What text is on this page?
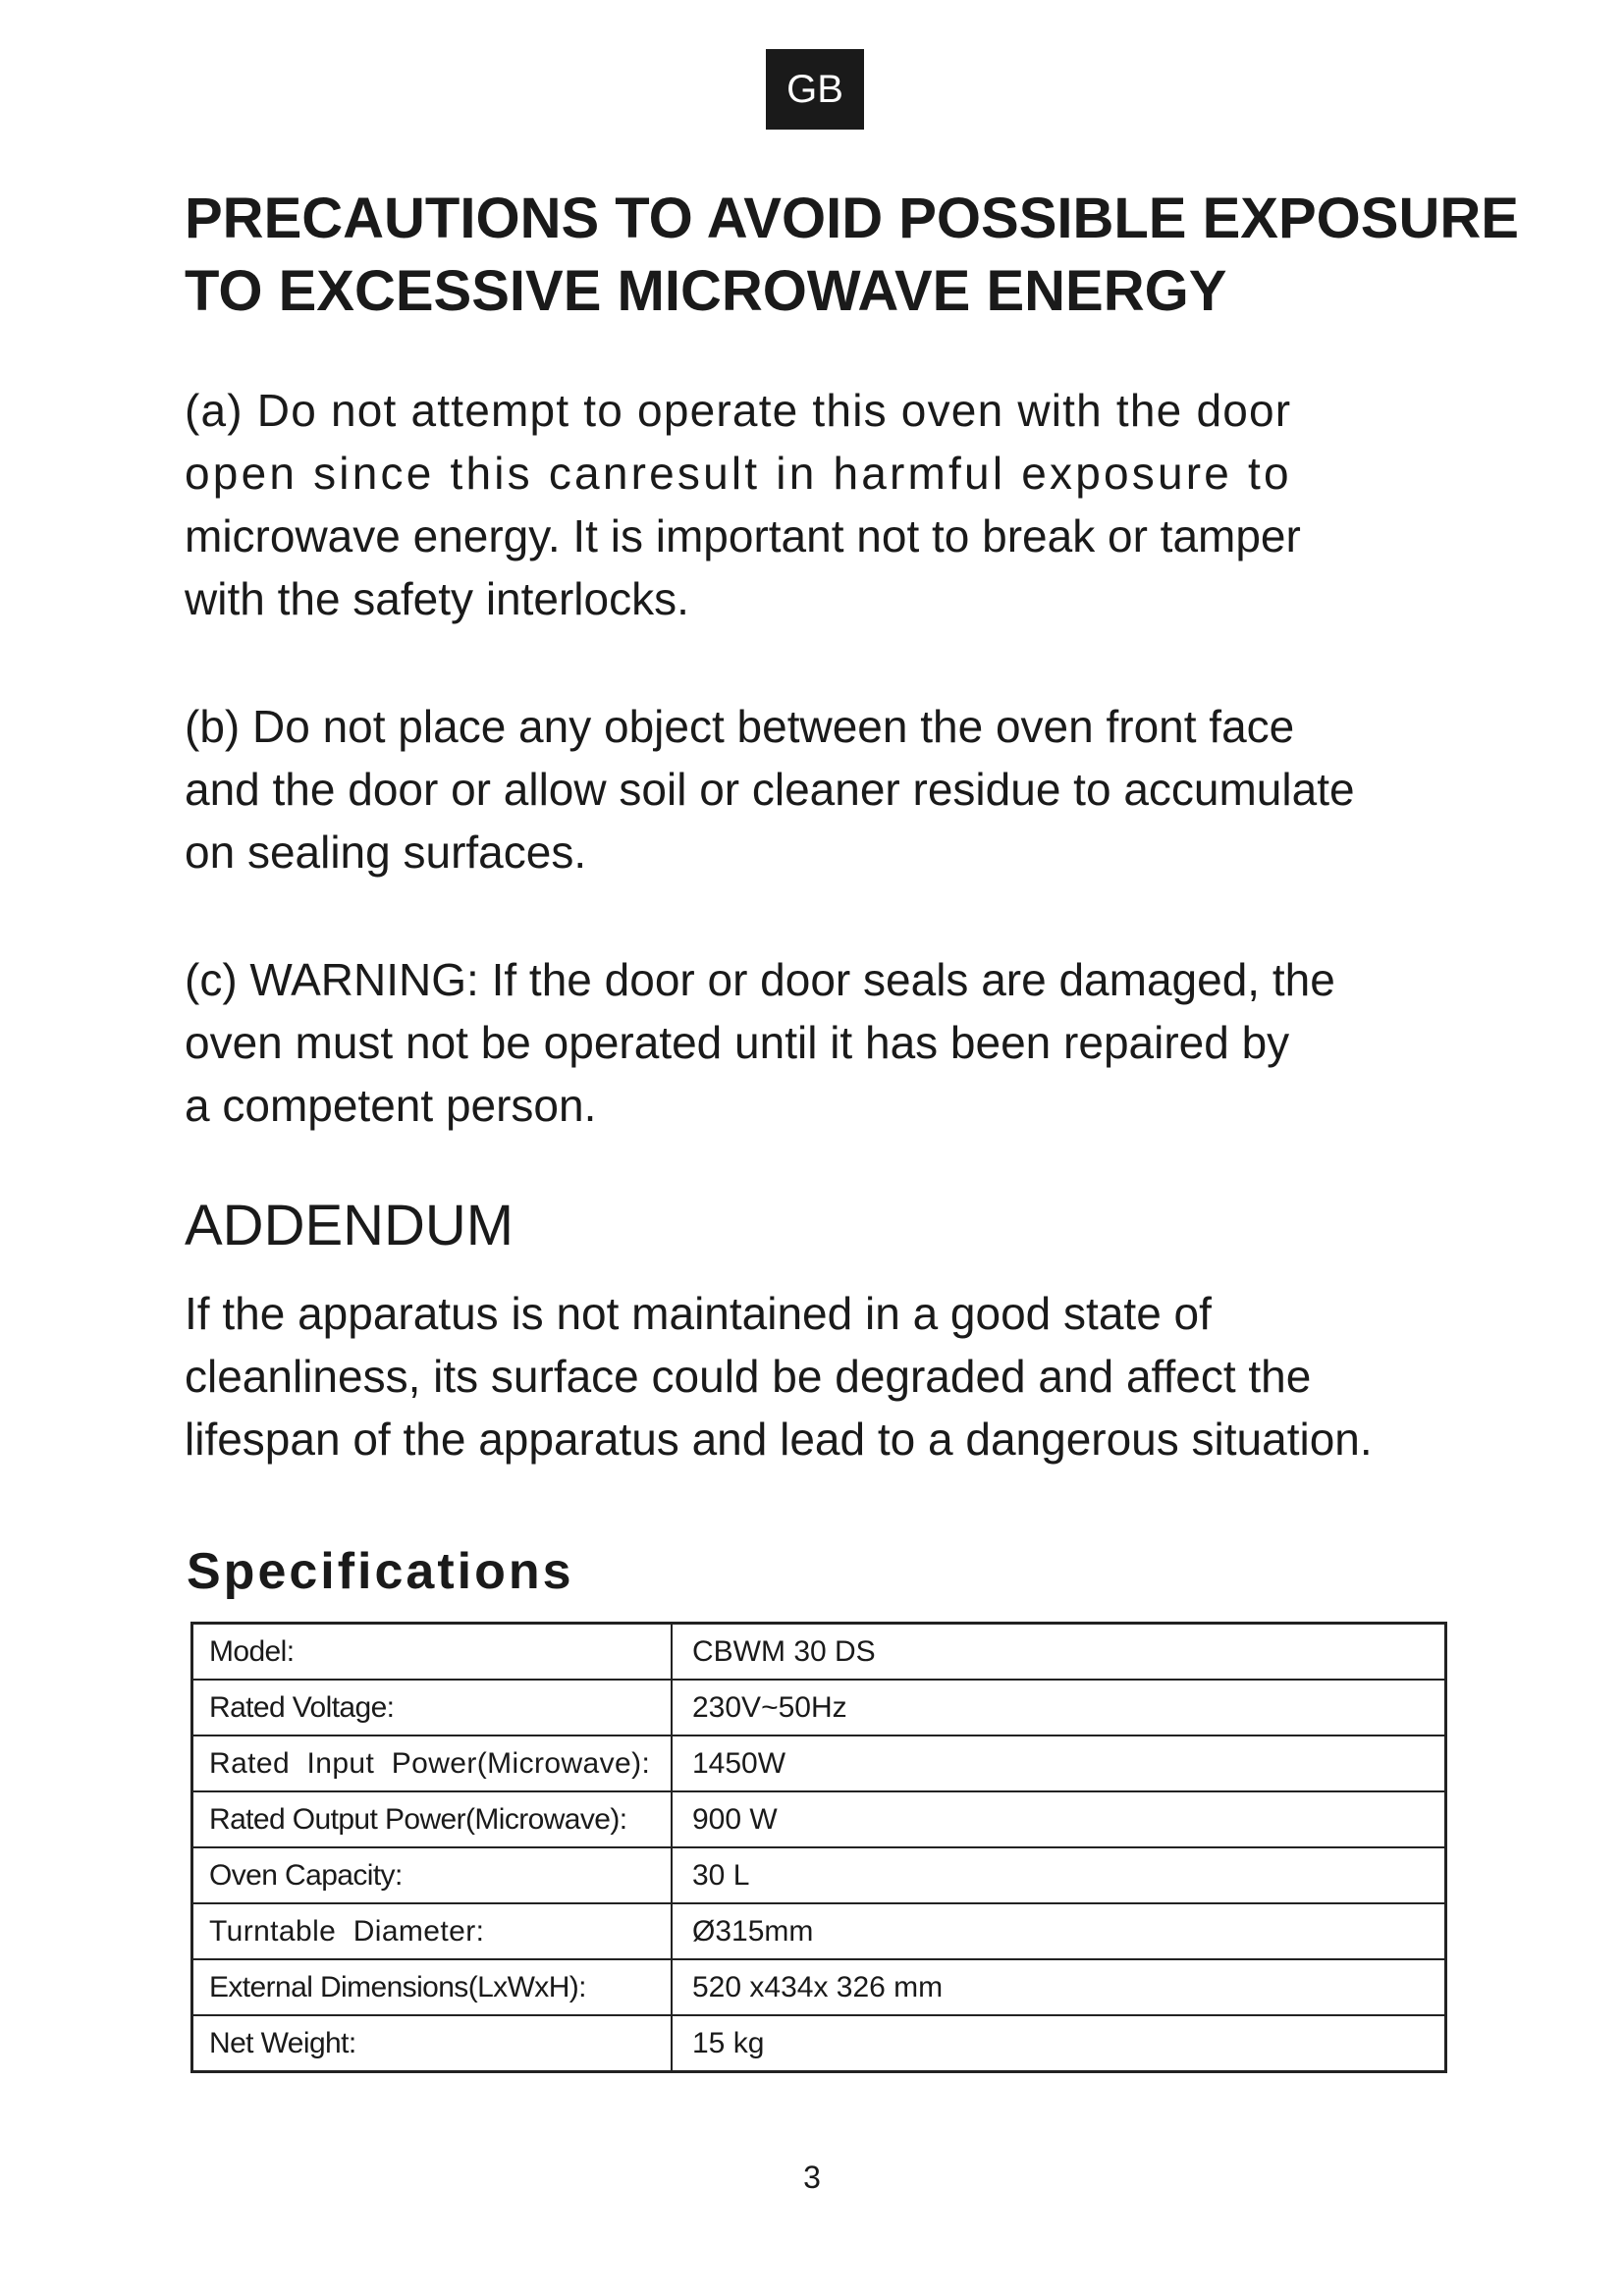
GB
PRECAUTIONS TO AVOID POSSIBLE EXPOSURE
TO EXCESSIVE MICROWAVE ENERGY

(a) Do not attempt to operate this oven with the door
open since this canresult in harmful exposure to
microwave energy. It is important not to break or tamper
with the safety interlocks.

(b) Do not place any object between the oven front face
and the door or allow soil or cleaner residue to accumulate
on sealing surfaces.

(c) WARNING: If the door or door seals are damaged, the
oven must not be operated until it has been repaired by
a competent person.

ADDENDUM

If the apparatus is not maintained in a good state of
cleanliness, its surface could be degraded and affect the
lifespan of the apparatus and lead to a dangerous situation.

Specifications
Model:	CBWM 30 DS
Rated Voltage:	230V~50Hz
Rated  Input  Power(Microwave):	1450W
Rated Output Power(Microwave):	900 W
Oven Capacity:	30 L
Turntable  Diameter:	Ø315mm
External Dimensions(LxWxH):	520 x434x 326 mm
Net Weight:	15 kg
3
